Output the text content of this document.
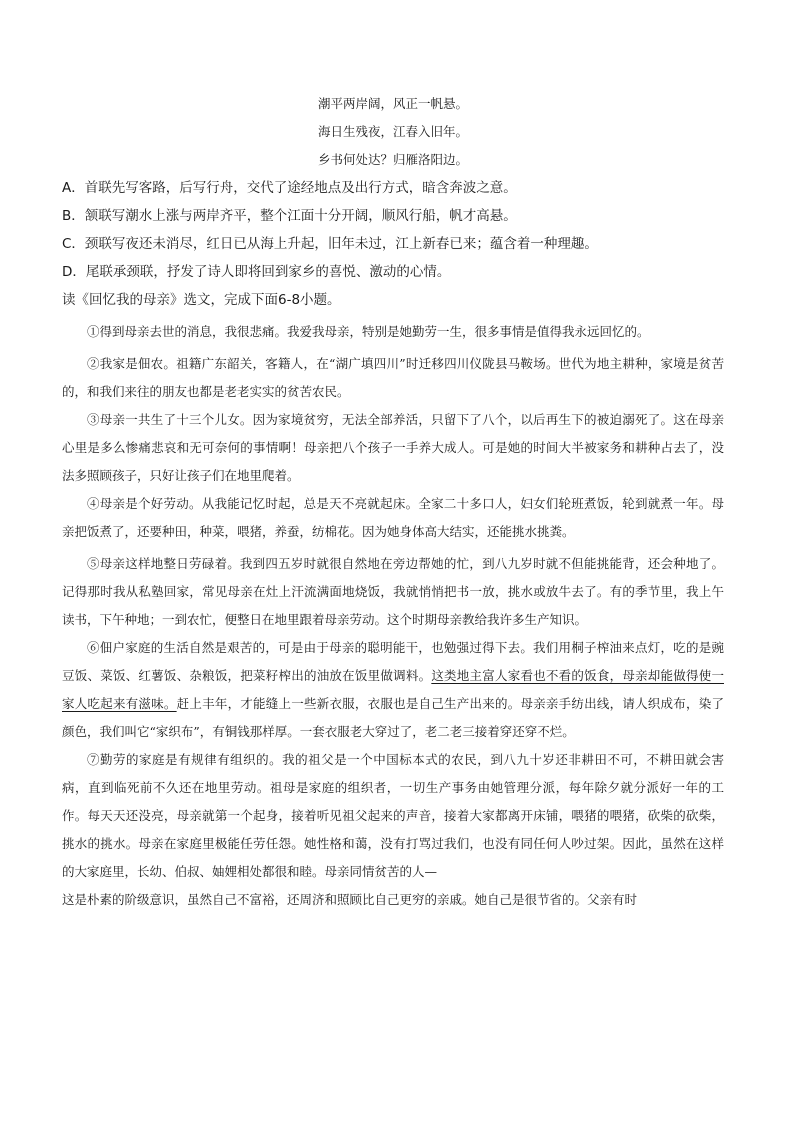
潮平两岸阔，风正一帆悬。
海日生残夜，江春入旧年。
乡书何处达？归雁洛阳边。
A．首联先写客路，后写行舟，交代了途经地点及出行方式，暗含奔波之意。
B．颔联写潮水上涨与两岸齐平，整个江面十分开阔，顺风行船，帆才高悬。
C．颈联写夜还未消尽，红日已从海上升起，旧年未过，江上新春已来；蕴含着一种理趣。
D．尾联承颈联，抒发了诗人即将回到家乡的喜悦、激动的心情。
读《回忆我的母亲》选文，完成下面6-8小题。

①得到母亲去世的消息，我很悲痛。我爱我母亲，特别是她勤劳一生，很多事情是值得我永远回忆的。

②我家是佃农。祖籍广东韶关，客籍人，在“湖广填四川”时迁移四川仪陇县马鞍场。世代为地主耕种，家境是贫苦的，和我们来往的朋友也都是老老实实的贫苦农民。

③母亲一共生了十三个儿女。因为家境贫穷，无法全部养活，只留下了八个，以后再生下的被迫溺死了。这在母亲心里是多么惨痛悲哀和无可奈何的事情啊！母亲把八个孩子一手养大成人。可是她的时间大半被家务和耕种占去了，没法多照顾孩子，只好让孩子们在地里爬着。

④母亲是个好劳动。从我能记忆时起，总是天不亮就起床。全家二十多口人，妇女们轮班煮饭，轮到就煮一年。母亲把饭煮了，还要种田，种菜，喂猪，养蚕，纺棉花。因为她身体高大结实，还能挑水挑粪。

⑤母亲这样地整日劳碌着。我到四五岁时就很自然地在旁边帮她的忙，到八九岁时就不但能挑能背，还会种地了。记得那时我从私塾回家，常见母亲在灶上汗流满面地烧饭，我就悄悄把书一放，挑水或放牛去了。有的季节里，我上午读书，下午种地；一到农忙，便整日在地里跟着母亲劳动。这个时期母亲教给我许多生产知识。

⑥佃户家庭的生活自然是艰苦的，可是由于母亲的聪明能干，也勉强过得下去。我们用桐子榨油来点灯，吃的是豌豆饭、菜饭、红薯饭、杂粮饭，把菜籽榨出的油放在饭里做调料。这类地主富人家看也不看的饭食，母亲却能做得使一家人吃起来有滋味。赶上丰年，才能缝上一些新衣服，衣服也是自己生产出来的。母亲亲手纺出线，请人织成布，染了颜色，我们叫它“家织布”，有铜钱那样厚。一套衣服老大穿过了，老二老三接着穿还穿不烂。

⑦勤劳的家庭是有规律有组织的。我的祖父是一个中国标本式的农民，到八九十岁还非耕田不可，不耕田就会害病，直到临死前不久还在地里劳动。祖母是家庭的组织者，一切生产事务由她管理分派，每年除夕就分派好一年的工作。每天天还没亮，母亲就第一个起身，接着听见祖父起来的声音，接着大家都离开床铺，喂猪的喂猪，砍柴的砍柴，挑水的挑水。母亲在家庭里极能任劳任怨。她性格和蔼，没有打骂过我们，也没有同任何人吵过架。因此，虽然在这样的大家庭里，长幼、伯叔、妯娌相处都很和睦。母亲同情贫苦的人—

这是朴素的阶级意识，虽然自己不富裕，还周济和照顾比自己更穷的亲戚。她自己是很节省的。父亲有时
